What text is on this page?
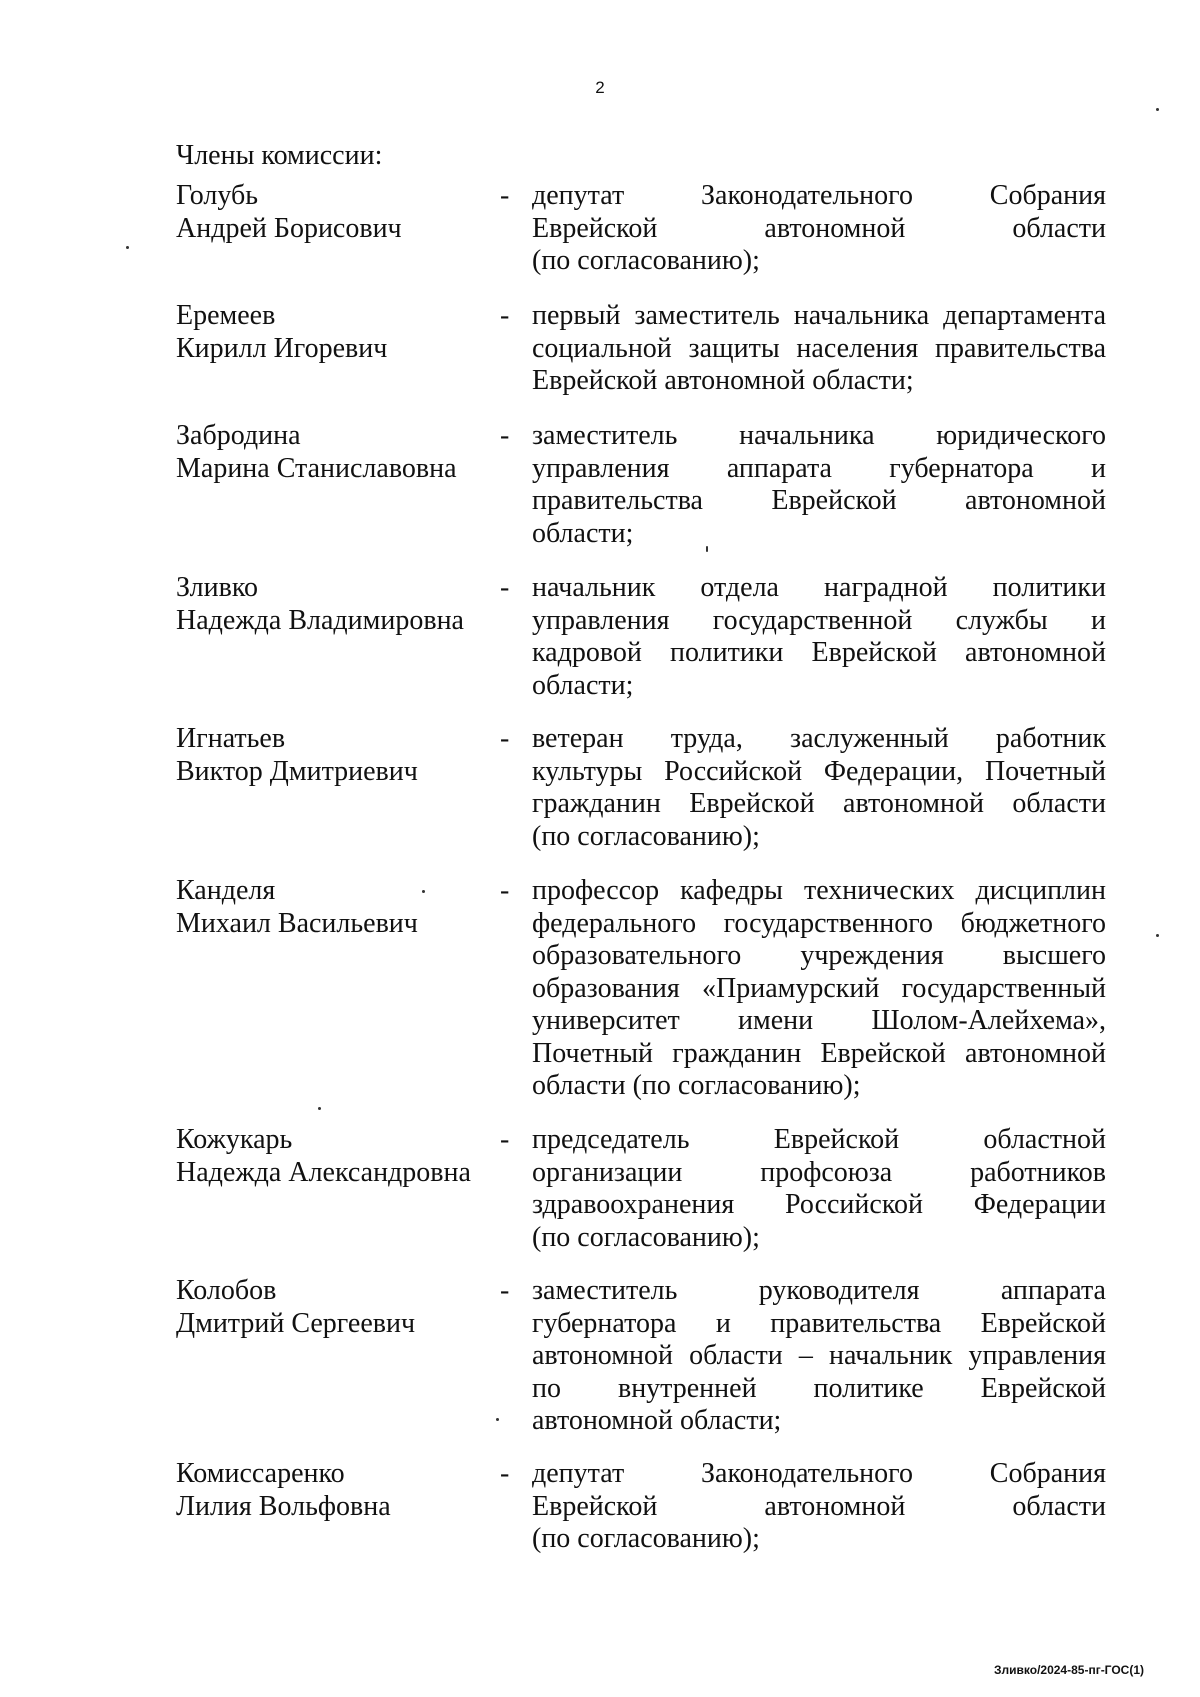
2
Члены комиссии:
Голубь
Андрей Борисович
- депутат Законодательного Собрания
Еврейской автономной области
(по согласованию);
Еремеев
Кирилл Игоревич
- первый заместитель начальника департамента
социальной защиты населения правительства
Еврейской автономной области;
Забродина
Марина Станиславовна
- заместитель начальника юридического
управления аппарата губернатора и
правительства Еврейской автономной
области;
Зливко
Надежда Владимировна
- начальник отдела наградной политики
управления государственной службы и
кадровой политики Еврейской автономной
области;
Игнатьев
Виктор Дмитриевич
- ветеран труда, заслуженный работник
культуры Российской Федерации, Почетный
гражданин Еврейской автономной области
(по согласованию);
Канделя
Михаил Васильевич
- профессор кафедры технических дисциплин
федерального государственного бюджетного
образовательного учреждения высшего
образования «Приамурский государственный
университет имени Шолом-Алейхема»,
Почетный гражданин Еврейской автономной
области (по согласованию);
Кожукарь
Надежда Александровна
- председатель Еврейской областной
организации профсоюза работников
здравоохранения Российской Федерации
(по согласованию);
Колобов
Дмитрий Сергеевич
- заместитель руководителя аппарата
губернатора и правительства Еврейской
автономной области – начальник управления
по внутренней политике Еврейской
автономной области;
Комиссаренко
Лилия Вольфовна
- депутат Законодательного Собрания
Еврейской автономной области
(по согласованию);
Зливко/2024-85-пг-ГОС(1)
